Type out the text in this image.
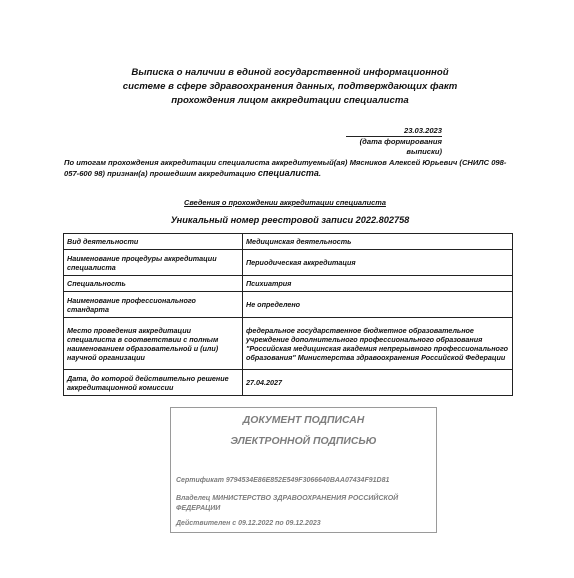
Выписка о наличии в единой государственной информационной
системе в сфере здравоохранения данных, подтверждающих факт
прохождения лицом аккредитации специалиста
23.03.2023
(дата формирования выписки)
По итогам прохождения аккредитации специалиста аккредитуемый(ая) Мясников Алексей Юрьевич (СНИЛС 098-057-600 98) признан(а) прошедшим аккредитацию специалиста.
Сведения о прохождении аккредитации специалиста
Уникальный номер реестровой записи 2022.802758
Вид деятельности	Медицинская деятельность
Наименование процедуры аккредитации специалиста	Периодическая аккредитация
Специальность	Психиатрия
Наименование профессионального стандарта	Не определено
Место проведения аккредитации специалиста в соответствии с полным наименованием образовательной и (или) научной организации	федеральное государственное бюджетное образовательное учреждение дополнительного профессионального образования "Российская медицинская академия непрерывного профессионального образования" Министерства здравоохранения Российской Федерации
Дата, до которой действительно решение аккредитационной комиссии	27.04.2027
ДОКУМЕНТ ПОДПИСАН
ЭЛЕКТРОННОЙ ПОДПИСЬЮ
Сертификат 9794534E86E852E549F3066640BAA07434F91D81
Владелец МИНИСТЕРСТВО ЗДРАВООХРАНЕНИЯ РОССИЙСКОЙ ФЕДЕРАЦИИ
Действителен с 09.12.2022 по 09.12.2023
